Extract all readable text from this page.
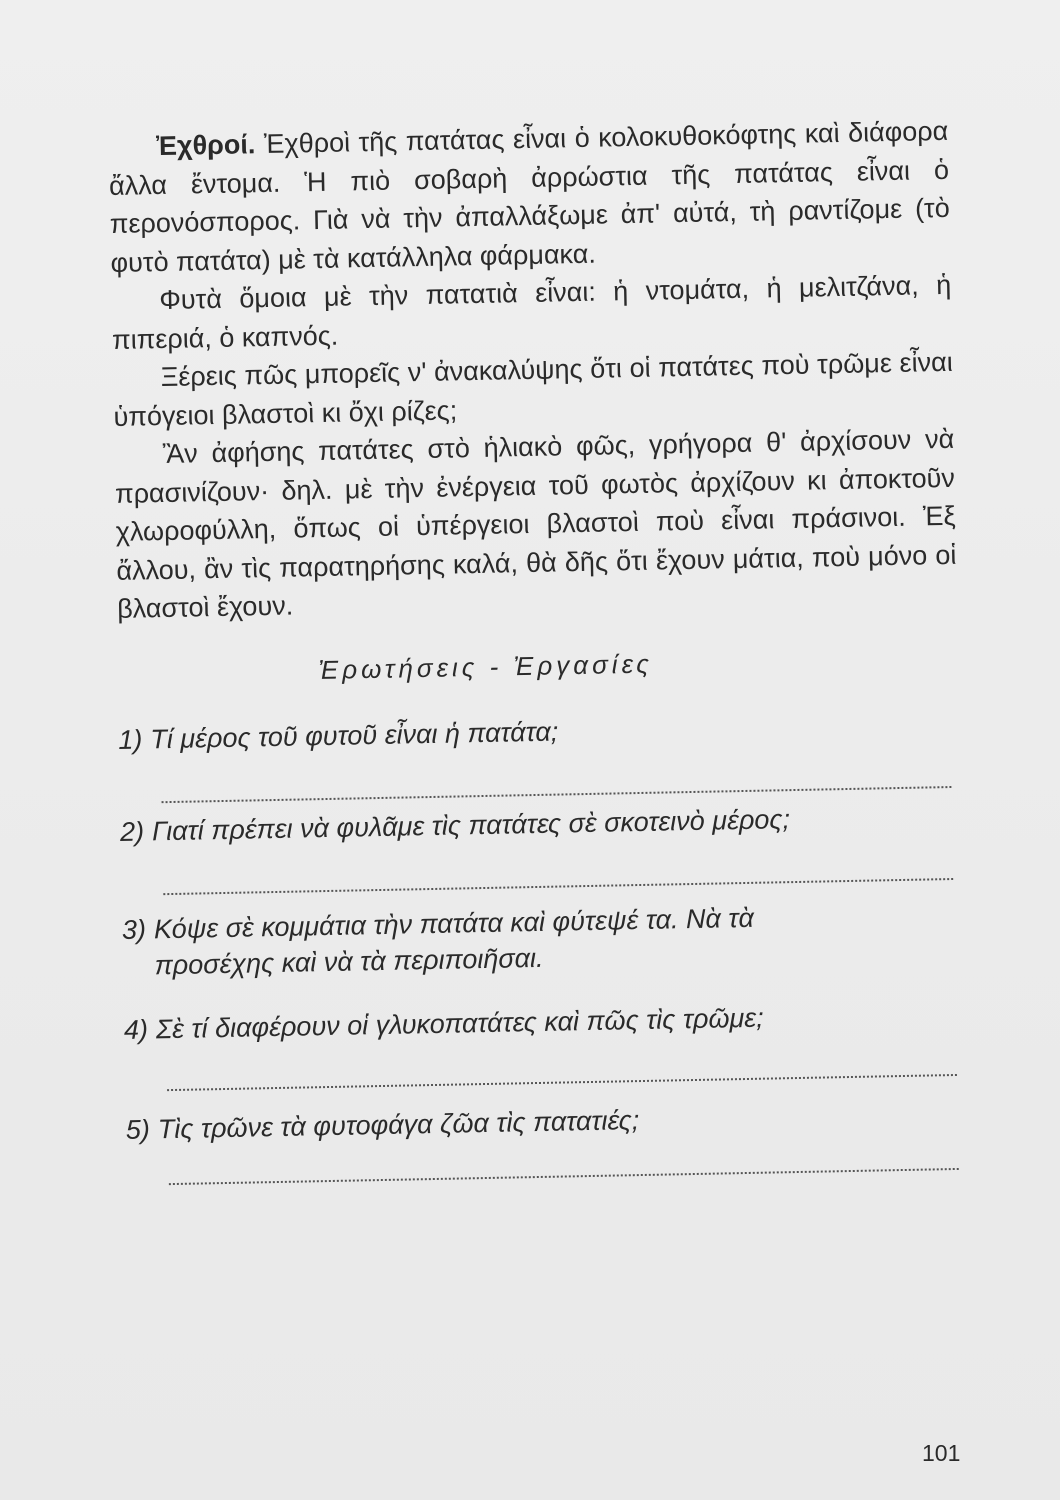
Ἐχθροί. Ἐχθροὶ τῆς πατάτας εἶναι ὁ κολοκυθοκόφτης καὶ διάφορα ἄλλα ἔντομα. Ἡ πιὸ σοβαρὴ ἀρρώστια τῆς πατάτας εἶναι ὁ περονόσπορος. Γιὰ νὰ τὴν ἀπαλλάξωμε ἀπ' αὐτά, τὴ ραντίζομε (τὸ φυτὸ πατάτα) μὲ τὰ κατάλληλα φάρμακα.

Φυτὰ ὅμοια μὲ τὴν πατατιὰ εἶναι: ἡ ντομάτα, ἡ μελιτζάνα, ἡ πιπεριά, ὁ καπνός.

Ξέρεις πῶς μπορεῖς ν' ἀνακαλύψης ὅτι οἱ πατάτες ποὺ τρῶμε εἶναι ὑπόγειοι βλαστοὶ κι ὄχι ρίζες;

Ἂν ἀφήσης πατάτες στὸ ἡλιακὸ φῶς, γρήγορα θ' ἀρχίσουν νὰ πρασινίζουν· δηλ. μὲ τὴν ἐνέργεια τοῦ φωτὸς ἀρχίζουν κι ἀποκτοῦν χλωροφύλλη, ὅπως οἱ ὑπέργειοι βλαστοὶ ποὺ εἶναι πράσινοι. Ἐξ ἄλλου, ἂν τὶς παρατηρήσης καλά, θὰ δῆς ὅτι ἔχουν μάτια, ποὺ μόνο οἱ βλαστοὶ ἔχουν.

Ἐρωτήσεις - Ἐργασίες
1) Τί μέρος τοῦ φυτοῦ εἶναι ἡ πατάτα;
2) Γιατί πρέπει νὰ φυλᾶμε τὶς πατάτες σὲ σκοτεινὸ μέρος;
3) Κόψε σὲ κομμάτια τὴν πατάτα καὶ φύτεψέ τα. Νὰ τὰ
προσέχης καὶ νὰ τὰ περιποιῆσαι.
4) Σὲ τί διαφέρουν οἱ γλυκοπατάτες καὶ πῶς τὶς τρῶμε;
5) Τὶς τρῶνε τὰ φυτοφάγα ζῶα τὶς πατατιές;
101
